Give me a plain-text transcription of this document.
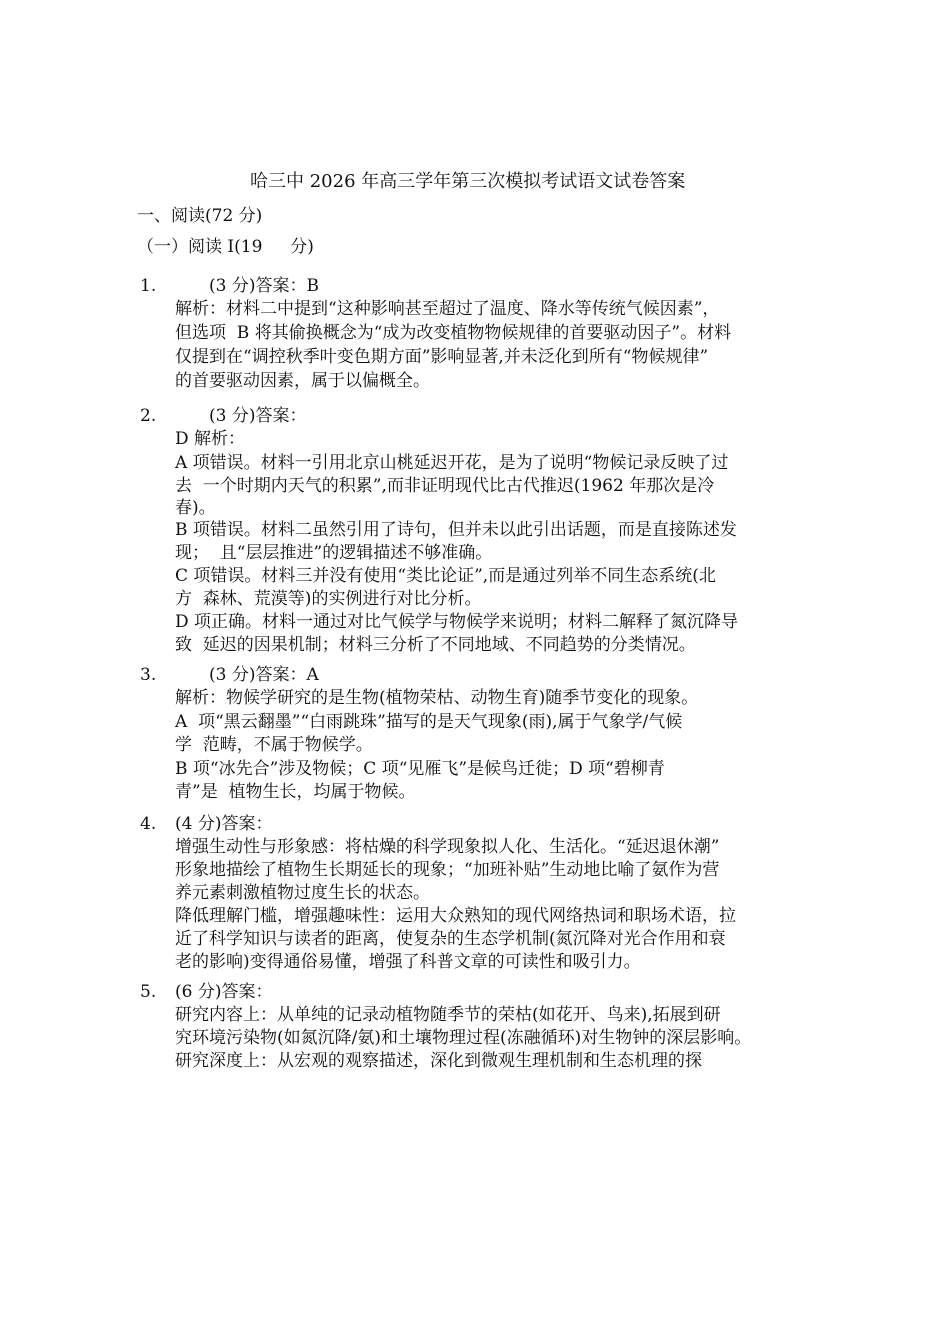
哈三中 2026 年高三学年第三次模拟考试语文试卷答案
一、阅读(72 分)
（一）阅读 I(19　  分)
1. 　　(3 分)答案：B
解析：材料二中提到“这种影响甚至超过了温度、降水等传统气候因素”，
但选项  B 将其偷换概念为“成为改变植物物候规律的首要驱动因子”。材料
仅提到在“调控秋季叶变色期方面”影响显著,并未泛化到所有“物候规律”
的首要驱动因素，属于以偏概全。
2. 　　(3 分)答案：
D 解析：
A 项错误。材料一引用北京山桃延迟开花，是为了说明“物候记录反映了过
去  一个时期内天气的积累”,而非证明现代比古代推迟(1962 年那次是冷
春)。
B 项错误。材料二虽然引用了诗句，但并未以此引出话题，而是直接陈述发
现；  且“层层推进”的逻辑描述不够准确。
C 项错误。材料三并没有使用“类比论证”,而是通过列举不同生态系统(北
方  森林、荒漠等)的实例进行对比分析。
D 项正确。材料一通过对比气候学与物候学来说明；材料二解释了氮沉降导
致  延迟的因果机制；材料三分析了不同地域、不同趋势的分类情况。
3. 　　(3 分)答案：A
解析：物候学研究的是生物(植物荣枯、动物生育)随季节变化的现象。
A  项“黑云翻墨”“白雨跳珠”描写的是天气现象(雨),属于气象学/气候
学  范畴，不属于物候学。
B 项“冰先合”涉及物候；C 项“见雁飞”是候鸟迁徙；D 项“碧柳青
青”是  植物生长，均属于物候。
4. (4 分)答案：
增强生动性与形象感：将枯燥的科学现象拟人化、生活化。“延迟退休潮”
形象地描绘了植物生长期延长的现象；“加班补贴”生动地比喻了氨作为营
养元素刺激植物过度生长的状态。
降低理解门槛，增强趣味性：运用大众熟知的现代网络热词和职场术语，拉
近了科学知识与读者的距离，使复杂的生态学机制(氮沉降对光合作用和衰
老的影响)变得通俗易懂，增强了科普文章的可读性和吸引力。
5. (6 分)答案：
研究内容上：从单纯的记录动植物随季节的荣枯(如花开、鸟来),拓展到研
究环境污染物(如氮沉降/氨)和土壤物理过程(冻融循环)对生物钟的深层影响。
研究深度上：从宏观的观察描述，深化到微观生理机制和生态机理的探
